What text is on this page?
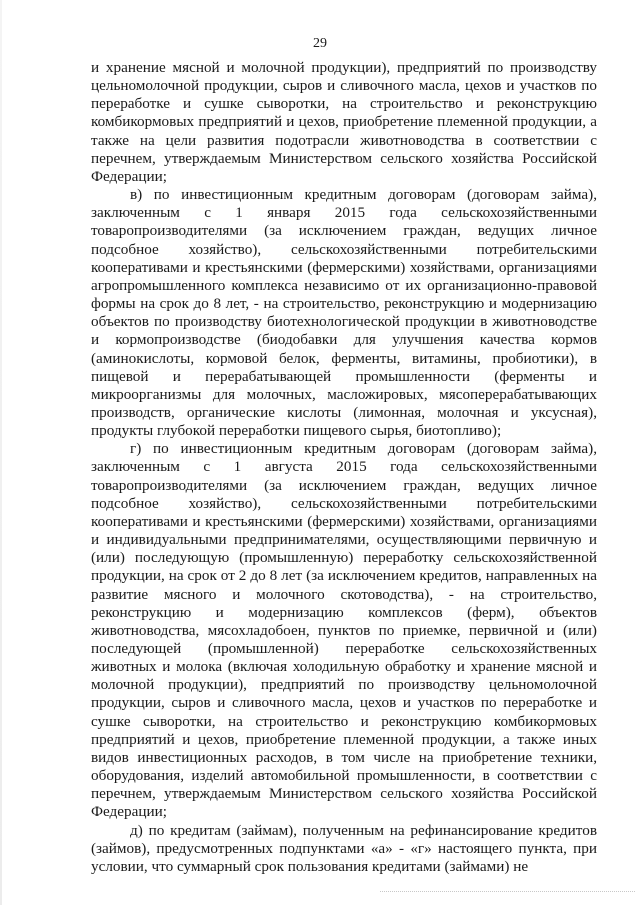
29

и хранение мясной и молочной продукции), предприятий по производству цельномолочной продукции, сыров и сливочного масла, цехов и участков по переработке и сушке сыворотки, на строительство и реконструкцию комбикормовых предприятий и цехов, приобретение племенной продукции, а также на цели развития подотрасли животноводства в соответствии с перечнем, утверждаемым Министерством сельского хозяйства Российской Федерации;

в) по инвестиционным кредитным договорам (договорам займа), заключенным с 1 января 2015 года сельскохозяйственными товаропроизводителями (за исключением граждан, ведущих личное подсобное хозяйство), сельскохозяйственными потребительскими кооперативами и крестьянскими (фермерскими) хозяйствами, организациями агропромышленного комплекса независимо от их организационно-правовой формы на срок до 8 лет, - на строительство, реконструкцию и модернизацию объектов по производству биотехнологической продукции в животноводстве и кормопроизводстве (биодобавки для улучшения качества кормов (аминокислоты, кормовой белок, ферменты, витамины, пробиотики), в пищевой и перерабатывающей промышленности (ферменты и микроорганизмы для молочных, масложировых, мясоперерабатывающих производств, органические кислоты (лимонная, молочная и уксусная), продукты глубокой переработки пищевого сырья, биотопливо);

г) по инвестиционным кредитным договорам (договорам займа), заключенным с 1 августа 2015 года сельскохозяйственными товаропроизводителями (за исключением граждан, ведущих личное подсобное хозяйство), сельскохозяйственными потребительскими кооперативами и крестьянскими (фермерскими) хозяйствами, организациями и индивидуальными предпринимателями, осуществляющими первичную и (или) последующую (промышленную) переработку сельскохозяйственной продукции, на срок от 2 до 8 лет (за исключением кредитов, направленных на развитие мясного и молочного скотоводства), - на строительство, реконструкцию и модернизацию комплексов (ферм), объектов животноводства, мясохладобоен, пунктов по приемке, первичной и (или) последующей (промышленной) переработке сельскохозяйственных животных и молока (включая холодильную обработку и хранение мясной и молочной продукции), предприятий по производству цельномолочной продукции, сыров и сливочного масла, цехов и участков по переработке и сушке сыворотки, на строительство и реконструкцию комбикормовых предприятий и цехов, приобретение племенной продукции, а также иных видов инвестиционных расходов, в том числе на приобретение техники, оборудования, изделий автомобильной промышленности, в соответствии с перечнем, утверждаемым Министерством сельского хозяйства Российской Федерации;

д) по кредитам (займам), полученным на рефинансирование кредитов (займов), предусмотренных подпунктами «а» - «г» настоящего пункта, при условии, что суммарный срок пользования кредитами (займами) не
